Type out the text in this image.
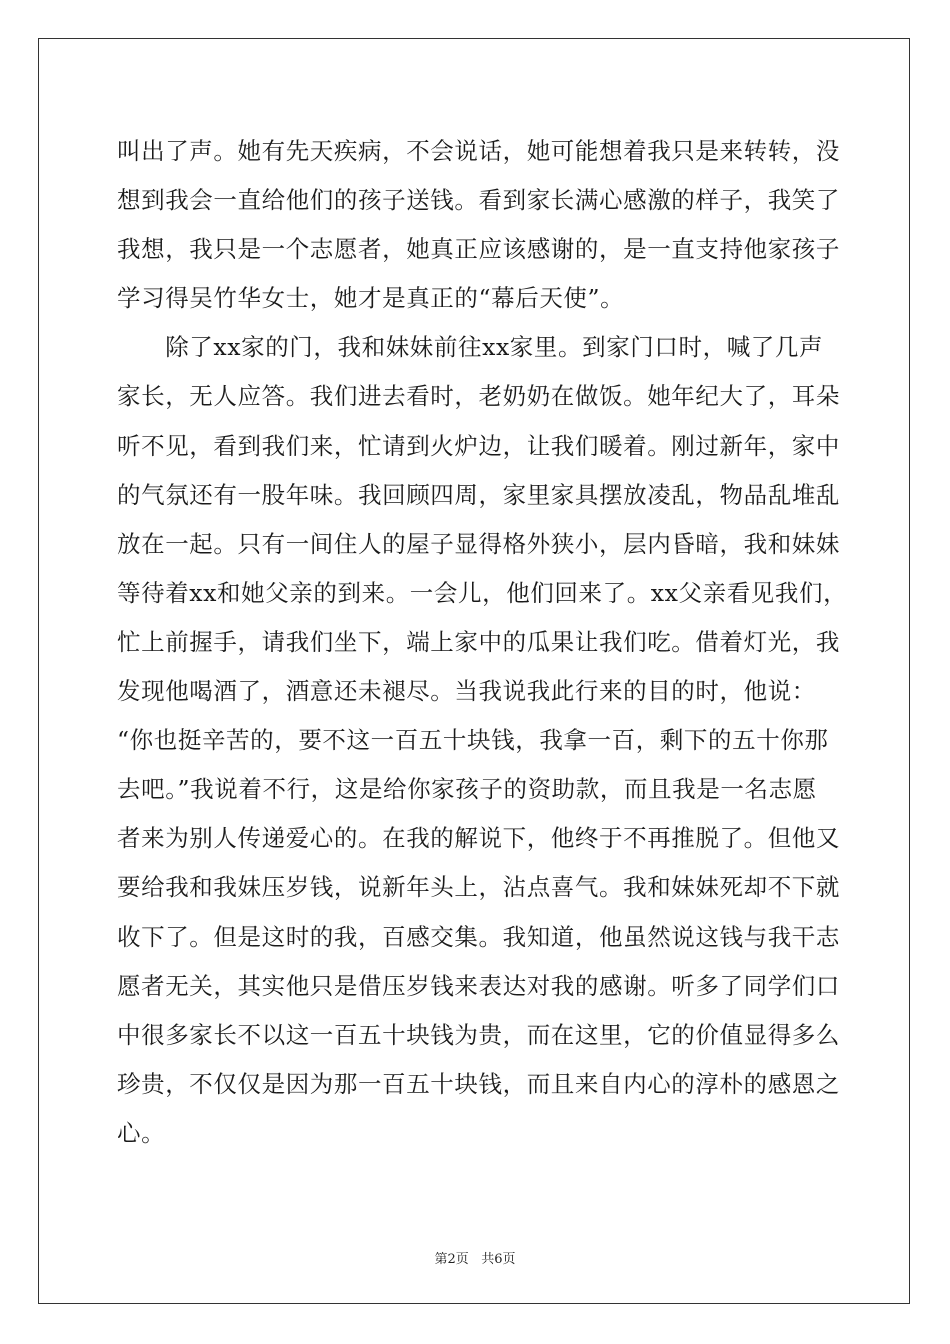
叫出了声。她有先天疾病，不会说话，她可能想着我只是来转转，没
想到我会一直给他们的孩子送钱。看到家长满心感激的样子，我笑了
我想，我只是一个志愿者，她真正应该感谢的，是一直支持他家孩子
学习得吴竹华女士，她才是真正的“幕后天使”。
　　除了xx家的门，我和妹妹前往xx家里。到家门口时，喊了几声
家长，无人应答。我们进去看时，老奶奶在做饭。她年纪大了，耳朵
听不见，看到我们来，忙请到火炉边，让我们暖着。刚过新年，家中
的气氛还有一股年味。我回顾四周，家里家具摆放凌乱，物品乱堆乱
放在一起。只有一间住人的屋子显得格外狭小，层内昏暗，我和妹妹
等待着xx和她父亲的到来。一会儿，他们回来了。xx父亲看见我们，
忙上前握手，请我们坐下，端上家中的瓜果让我们吃。借着灯光，我
发现他喝酒了，酒意还未褪尽。当我说我此行来的目的时，他说：
“你也挺辛苦的，要不这一百五十块钱，我拿一百，剩下的五十你那
去吧。”我说着不行，这是给你家孩子的资助款，而且我是一名志愿
者来为别人传递爱心的。在我的解说下，他终于不再推脱了。但他又
要给我和我妹压岁钱，说新年头上，沾点喜气。我和妹妹死却不下就
收下了。但是这时的我，百感交集。我知道，他虽然说这钱与我干志
愿者无关，其实他只是借压岁钱来表达对我的感谢。听多了同学们口
中很多家长不以这一百五十块钱为贵，而在这里，它的价值显得多么
珍贵，不仅仅是因为那一百五十块钱，而且来自内心的淳朴的感恩之
心。
第2页 共6页
